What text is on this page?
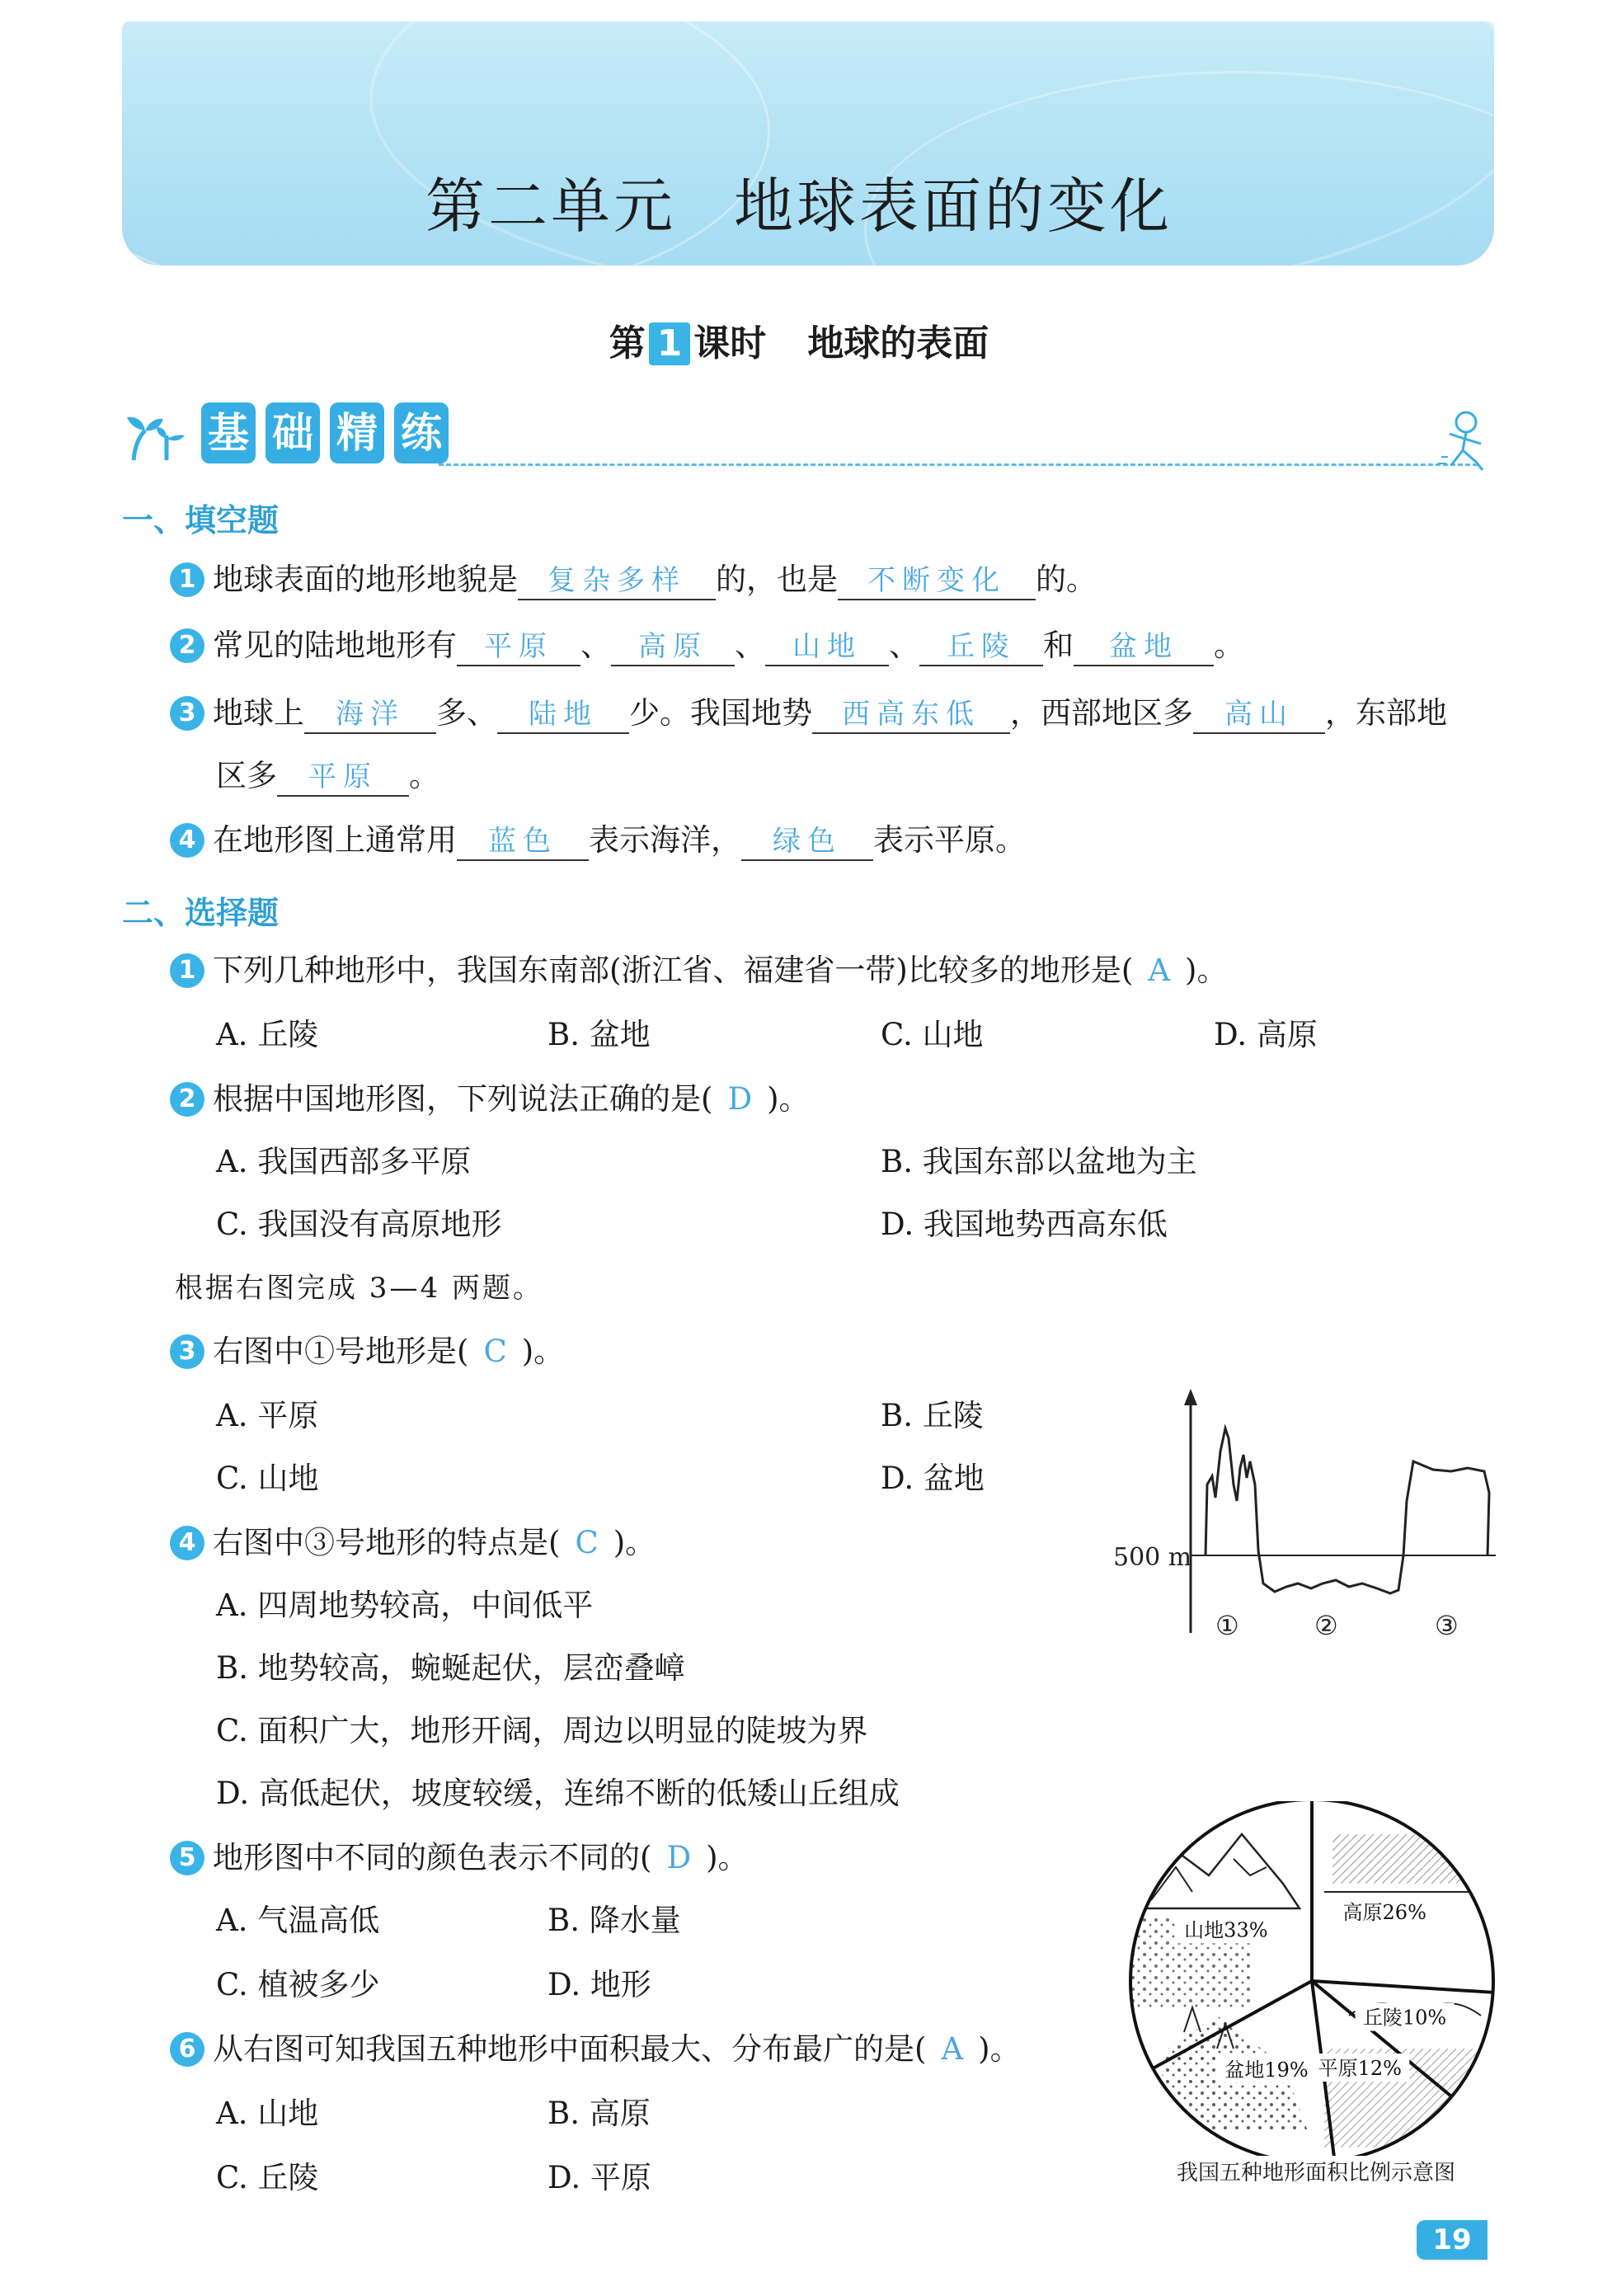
第二单元 地球表面的变化
第 1 课时 地球的表面
基 础 精 练
一、填空题
1 地球表面的地形地貌是 复杂多样 的，也是 不断变化 的。
2 常见的陆地地形有 平原 、 高原 、 山地 、 丘陵 和 盆地 。
3 地球上 海洋 多、 陆地 少。我国地势 西高东低 ，西部地区多 高山 ，东部地
区多 平原 。
4 在地形图上通常用 蓝色 表示海洋， 绿色 表示平原。
二、选择题
1 下列几种地形中，我国东南部(浙江省、福建省一带)比较多的地形是( A )。
A. 丘陵	B. 盆地	C. 山地	D. 高原
2 根据中国地形图，下列说法正确的是( D )。
A. 我国西部多平原	B. 我国东部以盆地为主
C. 我国没有高原地形	D. 我国地势西高东低
根据右图完成 3—4 两题。
3 右图中①号地形是( C )。
A. 平原	B. 丘陵
C. 山地	D. 盆地
4 右图中③号地形的特点是( C )。
A. 四周地势较高，中间低平
B. 地势较高，蜿蜒起伏，层峦叠嶂
C. 面积广大，地形开阔，周边以明显的陡坡为界
D. 高低起伏，坡度较缓，连绵不断的低矮山丘组成
5 地形图中不同的颜色表示不同的( D )。
A. 气温高低	B. 降水量
C. 植被多少	D. 地形
6 从右图可知我国五种地形中面积最大、分布最广的是( A )。
A. 山地	B. 高原
C. 丘陵	D. 平原
500 m
①	②	③
高原26%
丘陵10%
平原12%
盆地19%
山地33%
我国五种地形面积比例示意图
19
